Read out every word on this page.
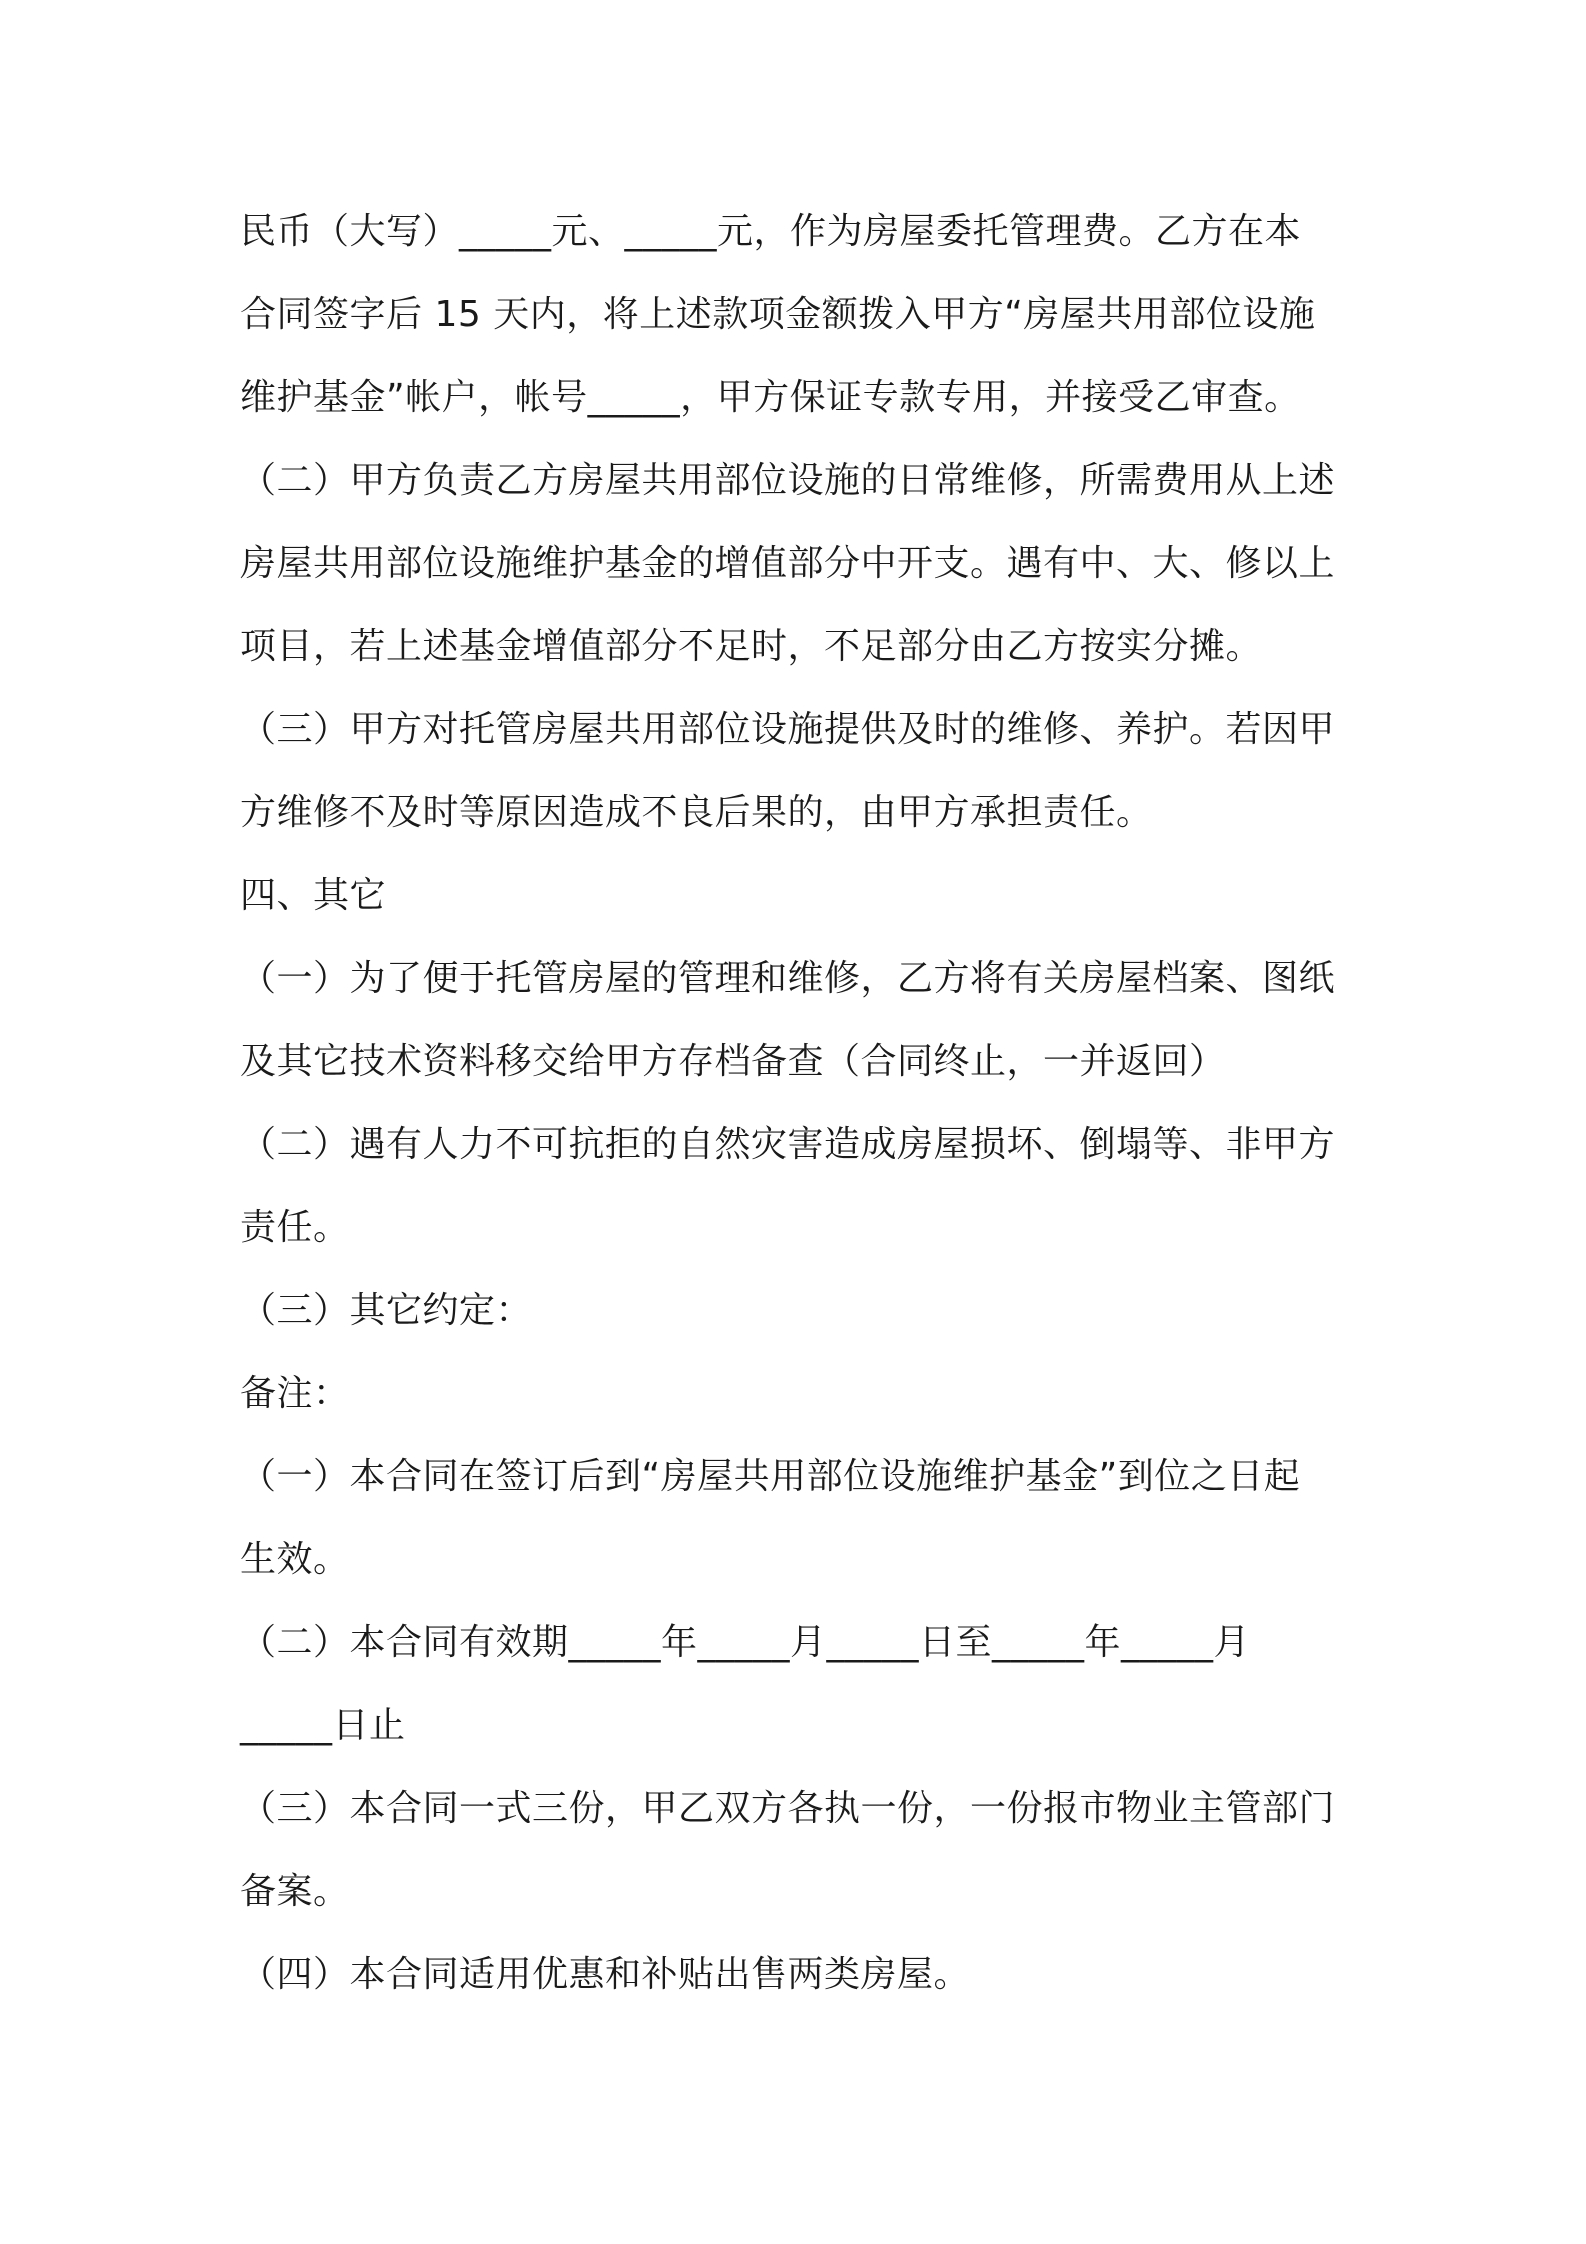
民币（大写）_____元、_____元，作为房屋委托管理费。乙方在本
合同签字后 15 天内，将上述款项金额拨入甲方“房屋共用部位设施
维护基金”帐户，帐号_____，甲方保证专款专用，并接受乙审查。
（二）甲方负责乙方房屋共用部位设施的日常维修，所需费用从上述
房屋共用部位设施维护基金的增值部分中开支。遇有中、大、修以上
项目，若上述基金增值部分不足时，不足部分由乙方按实分摊。
（三）甲方对托管房屋共用部位设施提供及时的维修、养护。若因甲
方维修不及时等原因造成不良后果的，由甲方承担责任。
四、其它
（一）为了便于托管房屋的管理和维修，乙方将有关房屋档案、图纸
及其它技术资料移交给甲方存档备查（合同终止，一并返回）
（二）遇有人力不可抗拒的自然灾害造成房屋损坏、倒塌等、非甲方
责任。
（三）其它约定：
备注：
（一）本合同在签订后到“房屋共用部位设施维护基金”到位之日起
生效。
（二）本合同有效期_____年_____月_____日至_____年_____月
_____日止
（三）本合同一式三份，甲乙双方各执一份，一份报市物业主管部门
备案。
（四）本合同适用优惠和补贴出售两类房屋。
